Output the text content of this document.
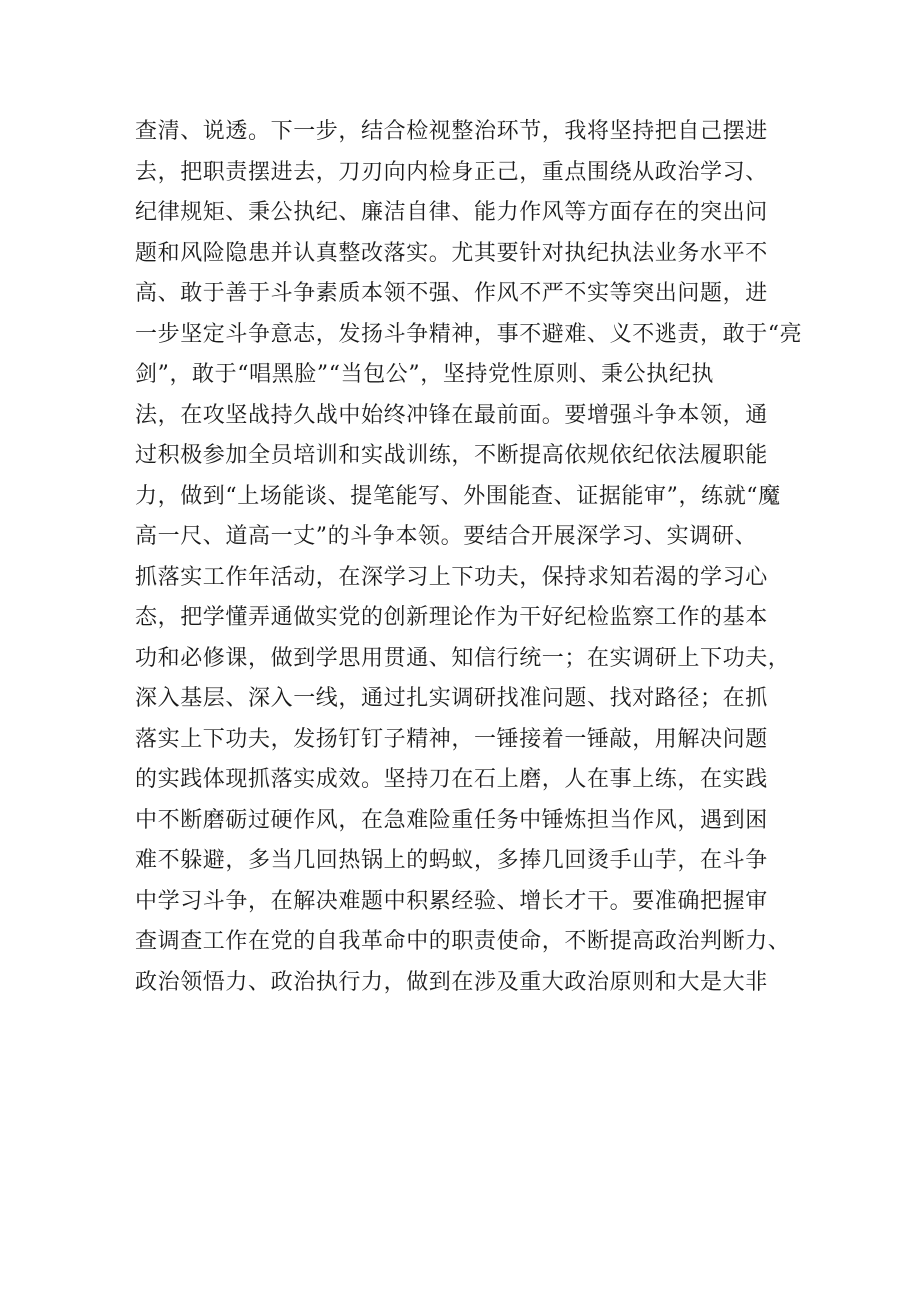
查清、说透。下一步，结合检视整治环节，我将坚持把自己摆进
去，把职责摆进去，刀刃向内检身正己，重点围绕从政治学习、
纪律规矩、秉公执纪、廉洁自律、能力作风等方面存在的突出问
题和风险隐患并认真整改落实。尤其要针对执纪执法业务水平不
高、敢于善于斗争素质本领不强、作风不严不实等突出问题，进
一步坚定斗争意志，发扬斗争精神，事不避难、义不逃责，敢于“亮
剑”，敢于“唱黑脸”“当包公”，坚持党性原则、秉公执纪执
法，在攻坚战持久战中始终冲锋在最前面。要增强斗争本领，通
过积极参加全员培训和实战训练，不断提高依规依纪依法履职能
力，做到“上场能谈、提笔能写、外围能查、证据能审”，练就“魔
高一尺、道高一丈”的斗争本领。要结合开展深学习、实调研、
抓落实工作年活动，在深学习上下功夫，保持求知若渴的学习心
态，把学懂弄通做实党的创新理论作为干好纪检监察工作的基本
功和必修课，做到学思用贯通、知信行统一；在实调研上下功夫，
深入基层、深入一线，通过扎实调研找准问题、找对路径；在抓
落实上下功夫，发扬钉钉子精神，一锤接着一锤敲，用解决问题
的实践体现抓落实成效。坚持刀在石上磨，人在事上练，在实践
中不断磨砺过硬作风，在急难险重任务中锤炼担当作风，遇到困
难不躲避，多当几回热锅上的蚂蚁，多捧几回烫手山芋，在斗争
中学习斗争，在解决难题中积累经验、增长才干。要准确把握审
查调查工作在党的自我革命中的职责使命，不断提高政治判断力、
政治领悟力、政治执行力，做到在涉及重大政治原则和大是大非
